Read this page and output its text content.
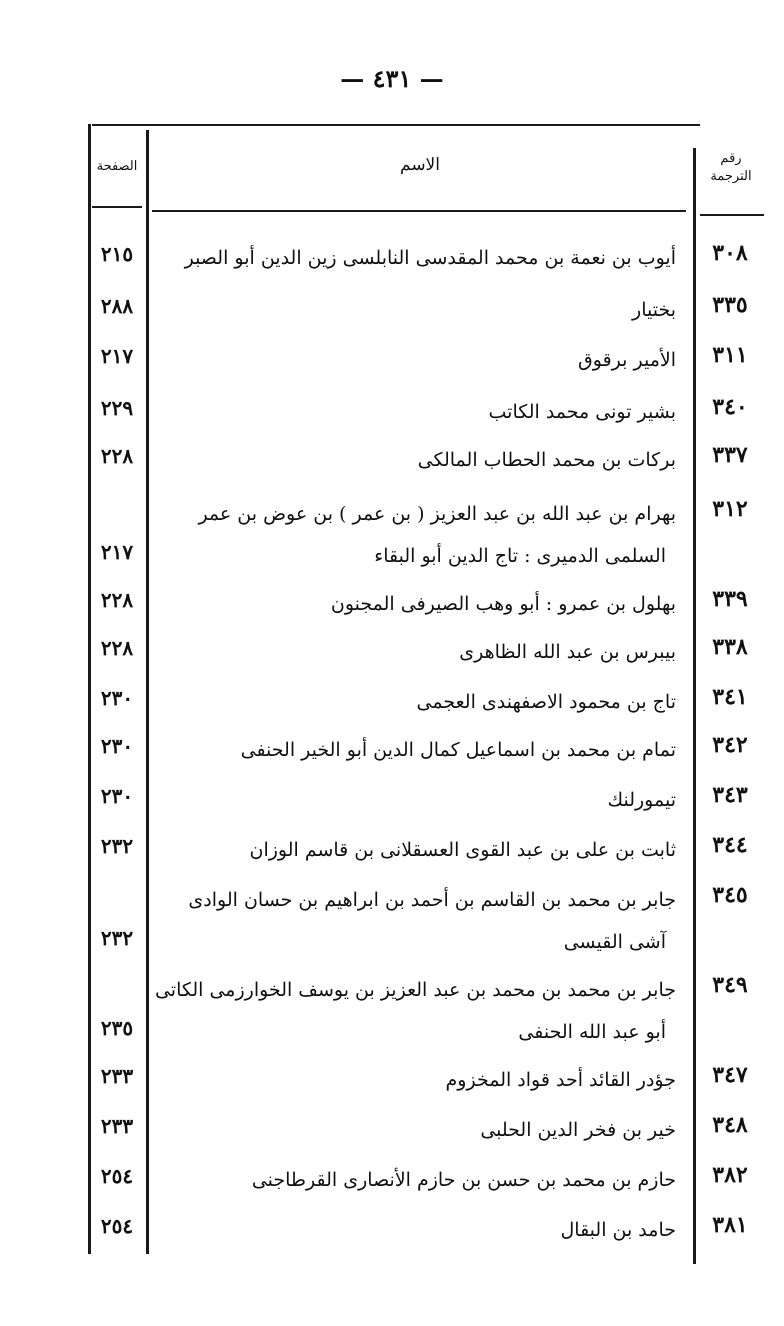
— ٤٣١ —
الصفحة	الاسم	رقم
الترجمة
٣٠٨
أيوب بن نعمة بن محمد المقدسى النابلسى زين الدين أبو الصبر
٢١٥
٣٣٥
بختيار
٢٨٨
٣١١
الأمير برقوق
٢١٧
٣٤٠
بشير تونى محمد الكاتب
٢٢٩
٣٣٧
بركات بن محمد الحطاب المالكى
٢٢٨
٣١٢
بهرام بن عبد الله بن عبد العزيز ( بن عمر ) بن عوض بن عمر
السلمى الدميرى : تاج الدين أبو البقاء
٢١٧
٣٣٩
بهلول بن عمرو : أبو وهب الصيرفى المجنون
٢٢٨
٣٣٨
بيبرس بن عبد الله الظاهرى
٢٢٨
٣٤١
تاج بن محمود الاصفهندى العجمى
٢٣٠
٣٤٢
تمام بن محمد بن اسماعيل كمال الدين أبو الخير الحنفى
٢٣٠
٣٤٣
تيمورلنك
٢٣٠
٣٤٤
ثابت بن على بن عبد القوى العسقلانى بن قاسم الوزان
٢٣٢
٣٤٥
جابر بن محمد بن القاسم بن أحمد بن ابراهيم بن حسان الوادى
آشى القيسى
٢٣٢
٣٤٩
جابر بن محمد بن محمد بن عبد العزيز بن يوسف الخوارزمى الكاتى
أبو عبد الله الحنفى
٢٣٥
٣٤٧
جؤدر القائد أحد قواد المخزوم
٢٣٣
٣٤٨
خير بن فخر الدين الحلبى
٢٣٣
٣٨٢
حازم بن محمد بن حسن بن حازم الأنصارى القرطاجنى
٢٥٤
٣٨١
حامد بن البقال
٢٥٤
